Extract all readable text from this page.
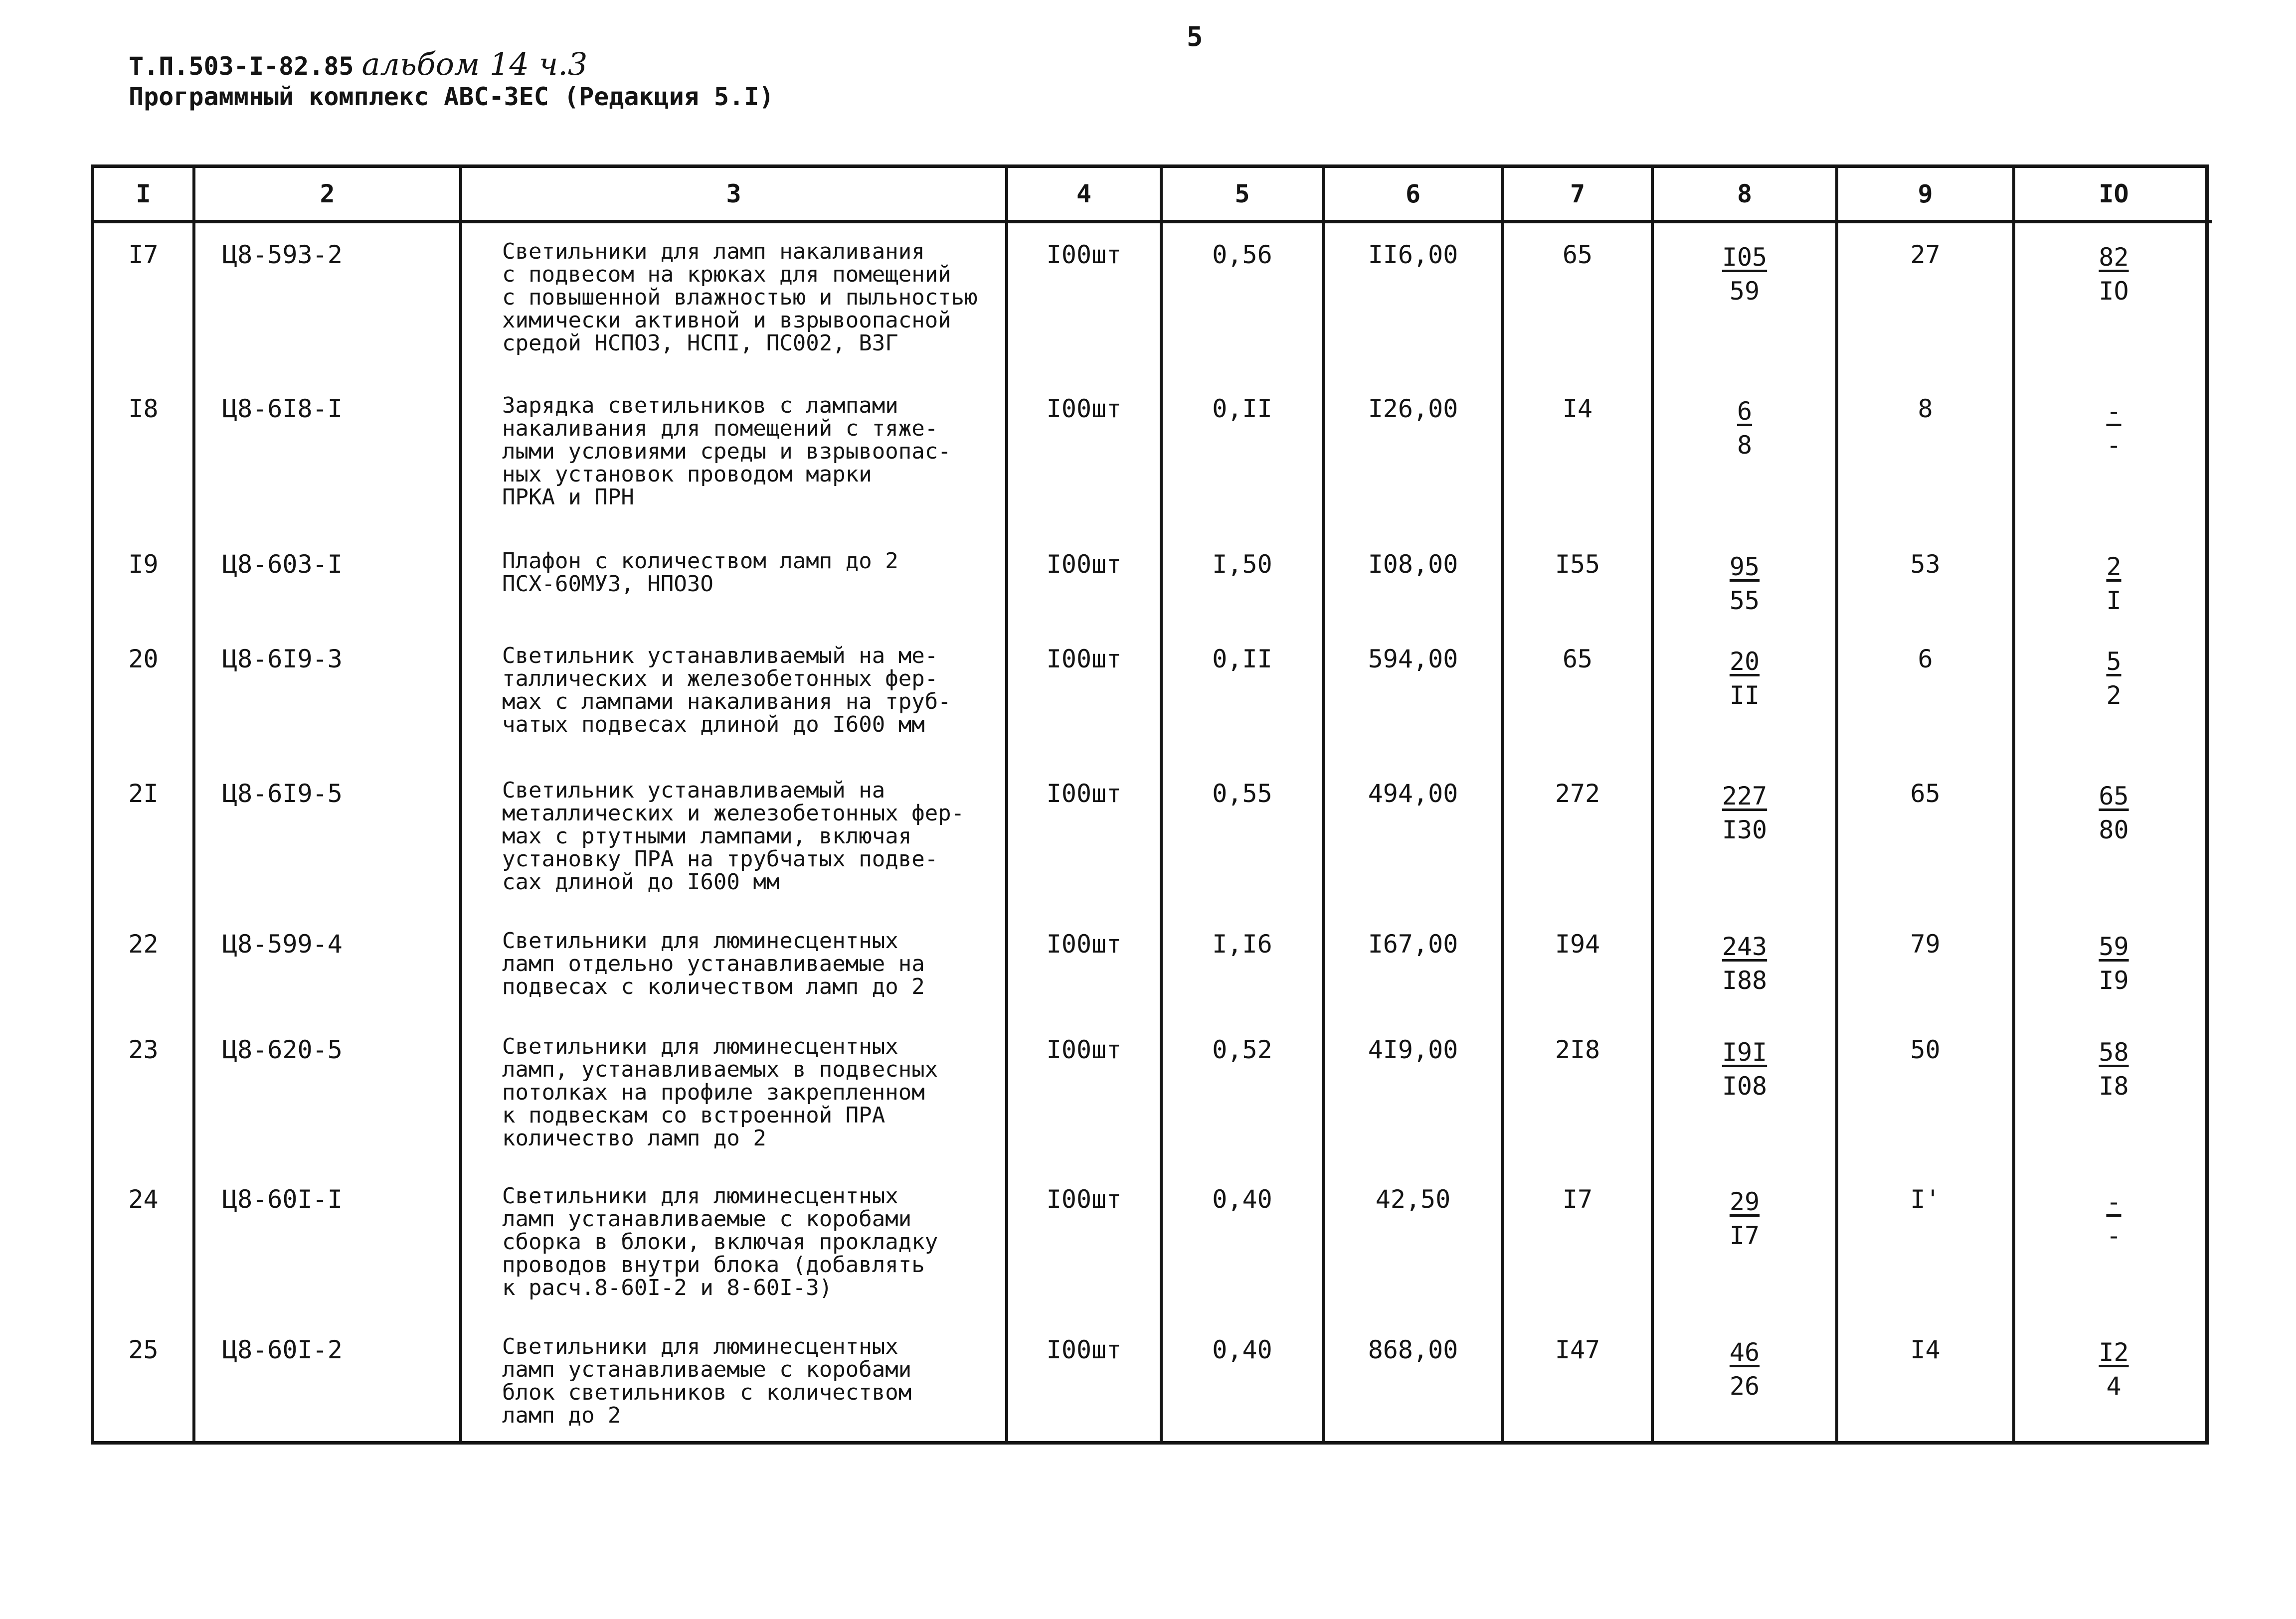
5
Т.П.503-I-82.85 альбом 14 ч.3
Программный комплекс АВС-ЗЕС (Редакция 5.I)
I	2	3	4	5	6	7	8	9	IO
I7	Ц8-593-2	Светильники для ламп накаливания
с подвесом на крюках для помещений
с повышенной влажностью и пыльностью
химически активной и взрывоопасной
средой НСПОЗ, НСПI, ПС002, ВЗГ	I00шт	0,56	II6,00	65	$\frac{I05}{59}$	27	$\frac{82}{IO}$

I8	Ц8-6I8-I	Зарядка светильников с лампами
накаливания для помещений с тяже-
лыми условиями среды и взрывоопас-
ных установок проводом марки
ПРКА и ПРН	I00шт	0,II	I26,00	I4	$\frac{6}{8}$	8	$\frac{-}{-}$

I9	Ц8-603-I	Плафон с количеством ламп до 2
ПСХ-60МУЗ, НПОЗО	I00шт	I,50	I08,00	I55	$\frac{95}{55}$	53	$\frac{2}{I}$

20	Ц8-6I9-3	Светильник устанавливаемый на ме-
таллических и железобетонных фер-
мах с лампами накаливания на труб-
чатых подвесах длиной до I600 мм	I00шт	0,II	594,00	65	$\frac{20}{II}$	6	$\frac{5}{2}$

2I	Ц8-6I9-5	Светильник устанавливаемый на
металлических и железобетонных фер-
мах с ртутными лампами, включая
установку ПРА на трубчатых подве-
сах длиной до I600 мм	I00шт	0,55	494,00	272	$\frac{227}{I30}$	65	$\frac{65}{80}$

22	Ц8-599-4	Светильники для люминесцентных
ламп отдельно устанавливаемые на
подвесах с количеством ламп до 2	I00шт	I,I6	I67,00	I94	$\frac{243}{I88}$	79	$\frac{59}{I9}$

23	Ц8-620-5	Светильники для люминесцентных
ламп, устанавливаемых в подвесных
потолках на профиле закрепленном
к подвескам со встроенной ПРА
количество ламп до 2	I00шт	0,52	4I9,00	2I8	$\frac{I9I}{I08}$	50	$\frac{58}{I8}$

24	Ц8-60I-I	Светильники для люминесцентных
ламп устанавливаемые с коробами
сборка в блоки, включая прокладку
проводов внутри блока (добавлять
к расч.8-60I-2 и 8-60I-3)	I00шт	0,40	42,50	I7	$\frac{29}{I7}$	I'	$\frac{-}{-}$

25	Ц8-60I-2	Светильники для люминесцентных
ламп устанавливаемые с коробами
блок светильников с количеством
ламп до 2	I00шт	0,40	868,00	I47	$\frac{46}{26}$	I4	$\frac{I2}{4}$
